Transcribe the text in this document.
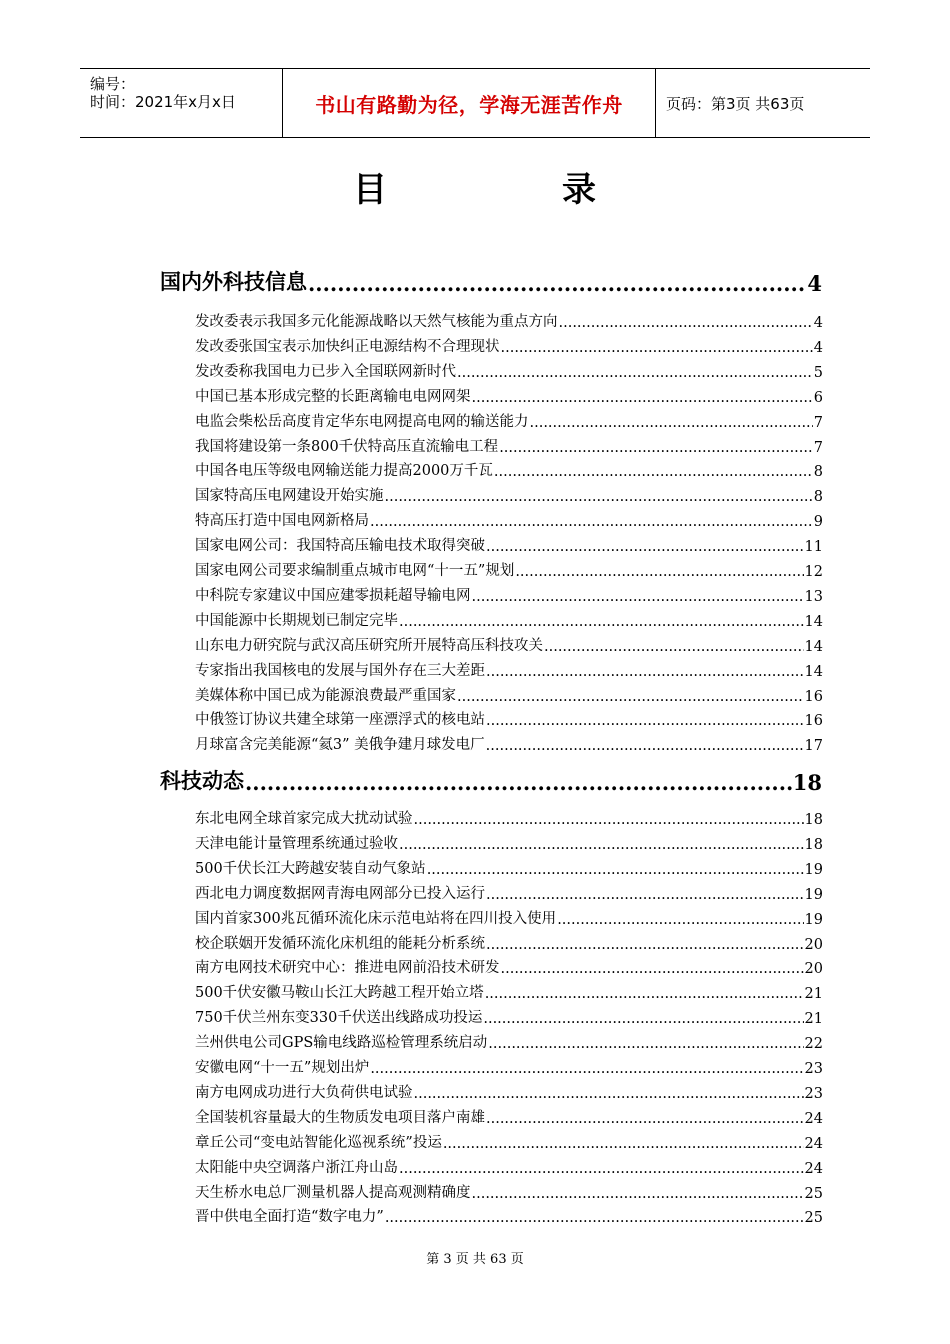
编号：
时间：2021年x月x日	书山有路勤为径，学海无涯苦作舟	页码：第3页 共63页
目	录
国内外科技信息 .....	4
发改委表示我国多元化能源战略以天然气核能为重点方向 .....	4
发改委张国宝表示加快纠正电源结构不合理现状 .....	4
发改委称我国电力已步入全国联网新时代 .....	5
中国已基本形成完整的长距离输电电网网架 .....	6
电监会柴松岳高度肯定华东电网提高电网的输送能力 .....	7
我国将建设第一条800千伏特高压直流输电工程 .....	7
中国各电压等级电网输送能力提高2000万千瓦 .....	8
国家特高压电网建设开始实施 .....	8
特高压打造中国电网新格局 .....	9
国家电网公司：我国特高压输电技术取得突破 .....	11
国家电网公司要求编制重点城市电网“十一五”规划 .....	12
中科院专家建议中国应建零损耗超导输电网 .....	13
中国能源中长期规划已制定完毕 .....	14
山东电力研究院与武汉高压研究所开展特高压科技攻关 .....	14
专家指出我国核电的发展与国外存在三大差距 .....	14
美媒体称中国已成为能源浪费最严重国家 .....	16
中俄签订协议共建全球第一座漂浮式的核电站 .....	16
月球富含完美能源“氦3” 美俄争建月球发电厂 .....	17
科技动态 .....	18
东北电网全球首家完成大扰动试验 .....	18
天津电能计量管理系统通过验收 .....	18
500千伏长江大跨越安装自动气象站 .....	19
西北电力调度数据网青海电网部分已投入运行 .....	19
国内首家300兆瓦循环流化床示范电站将在四川投入使用 .....	19
校企联姻开发循环流化床机组的能耗分析系统 .....	20
南方电网技术研究中心：推进电网前沿技术研发 .....	20
500千伏安徽马鞍山长江大跨越工程开始立塔 .....	21
750千伏兰州东变330千伏送出线路成功投运 .....	21
兰州供电公司GPS输电线路巡检管理系统启动 .....	22
安徽电网“十一五”规划出炉 .....	23
南方电网成功进行大负荷供电试验 .....	23
全国装机容量最大的生物质发电项目落户南雄 .....	24
章丘公司“变电站智能化巡视系统”投运 .....	24
太阳能中央空调落户浙江舟山岛 .....	24
天生桥水电总厂测量机器人提高观测精确度 .....	25
晋中供电全面打造“数字电力” .....	25
第 3 页 共 63 页
